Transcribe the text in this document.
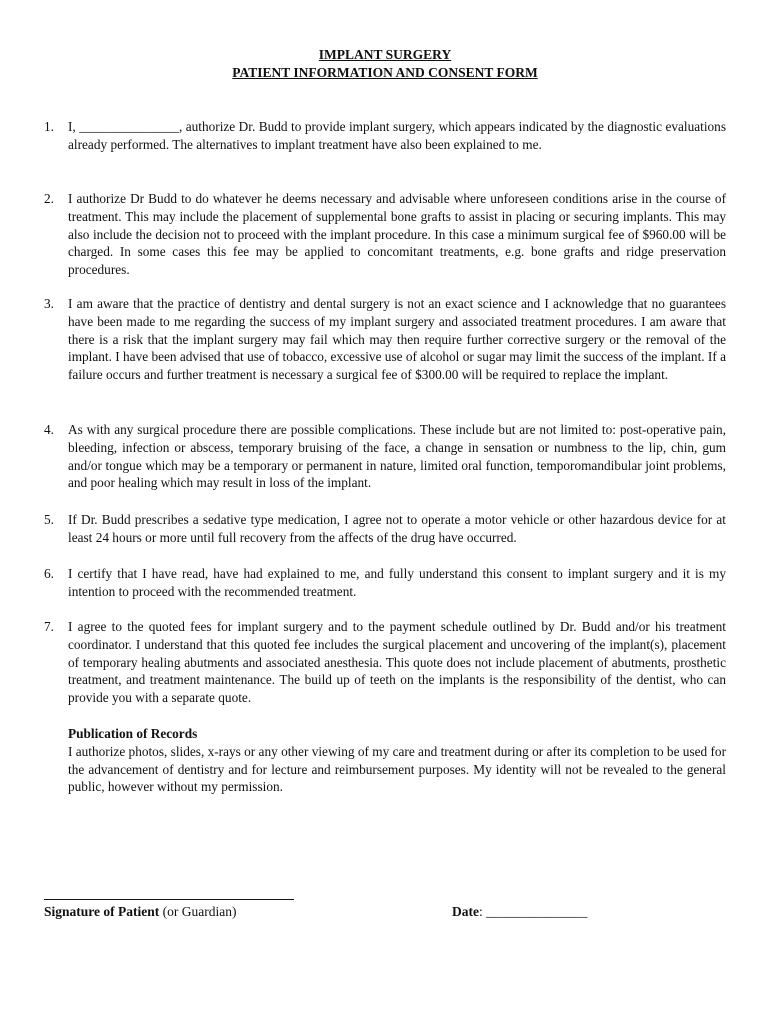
IMPLANT SURGERY
PATIENT INFORMATION AND CONSENT FORM
1.	I, _______________, authorize Dr. Budd to provide implant surgery, which appears indicated by the diagnostic evaluations already performed. The alternatives to implant treatment have also been explained to me.
2.	I authorize Dr Budd to do whatever he deems necessary and advisable where unforeseen conditions arise in the course of treatment. This may include the placement of supplemental bone grafts to assist in placing or securing implants. This may also include the decision not to proceed with the implant procedure. In this case a minimum surgical fee of $960.00 will be charged. In some cases this fee may be applied to concomitant treatments, e.g. bone grafts and ridge preservation procedures.
3.	I am aware that the practice of dentistry and dental surgery is not an exact science and I acknowledge that no guarantees have been made to me regarding the success of my implant surgery and associated treatment procedures. I am aware that there is a risk that the implant surgery may fail which may then require further corrective surgery or the removal of the implant. I have been advised that use of tobacco, excessive use of alcohol or sugar may limit the success of the implant. If a failure occurs and further treatment is necessary a surgical fee of $300.00 will be required to replace the implant.
4.	As with any surgical procedure there are possible complications. These include but are not limited to: post-operative pain, bleeding, infection or abscess, temporary bruising of the face, a change in sensation or numbness to the lip, chin, gum and/or tongue which may be a temporary or permanent in nature, limited oral function, temporomandibular joint problems, and poor healing which may result in loss of the implant.
5.	If Dr. Budd prescribes a sedative type medication, I agree not to operate a motor vehicle or other hazardous device for at least 24 hours or more until full recovery from the affects of the drug have occurred.
6.	I certify that I have read, have had explained to me, and fully understand this consent to implant surgery and it is my intention to proceed with the recommended treatment.
7.	I agree to the quoted fees for implant surgery and to the payment schedule outlined by Dr. Budd and/or his treatment coordinator. I understand that this quoted fee includes the surgical placement and uncovering of the implant(s), placement of temporary healing abutments and associated anesthesia. This quote does not include placement of abutments, prosthetic treatment, and treatment maintenance. The build up of teeth on the implants is the responsibility of the dentist, who can provide you with a separate quote.
Publication of Records
I authorize photos, slides, x-rays or any other viewing of my care and treatment during or after its completion to be used for the advancement of dentistry and for lecture and reimbursement purposes. My identity will not be revealed to the general public, however without my permission.
Signature of Patient (or Guardian)	Date: _______________
